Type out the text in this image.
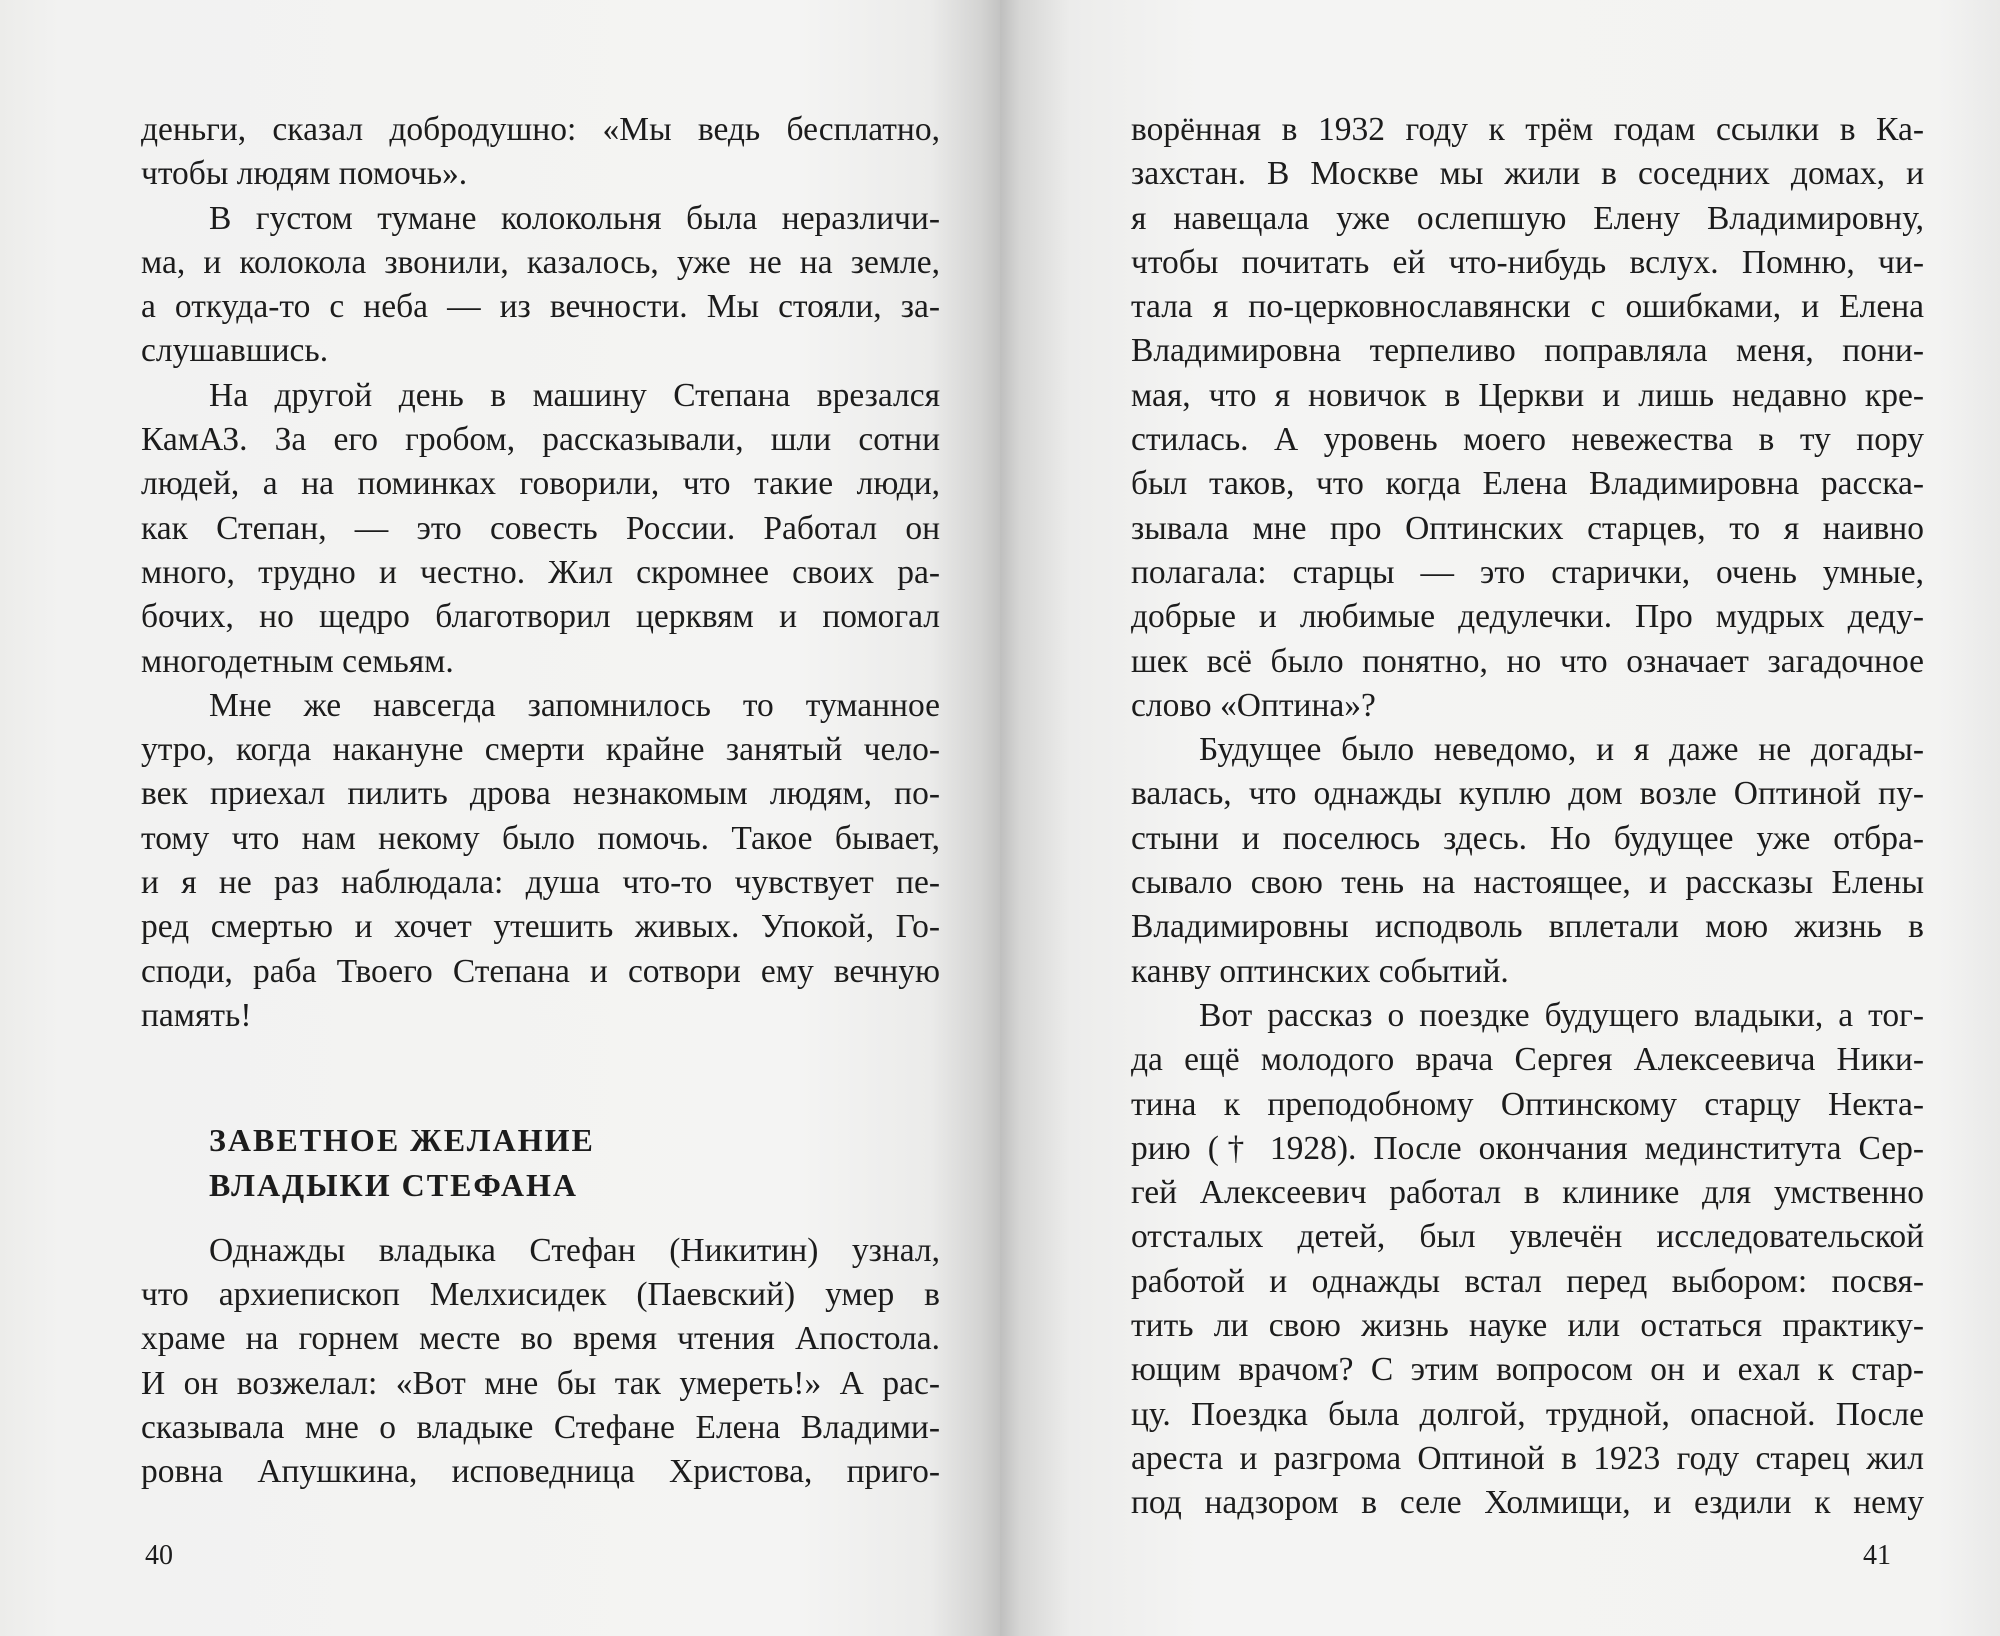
деньги, сказал добродушно: «Мы ведь бесплатно,
чтобы людям помочь».
В густом тумане колокольня была неразличи-
ма, и колокола звонили, казалось, уже не на земле,
а откуда-то с неба — из вечности. Мы стояли, за-
слушавшись.
На другой день в машину Степана врезался
КамАЗ. За его гробом, рассказывали, шли сотни
людей, а на поминках говорили, что такие люди,
как Степан, — это совесть России. Работал он
много, трудно и честно. Жил скромнее своих ра-
бочих, но щедро благотворил церквям и помогал
многодетным семьям.
Мне же навсегда запомнилось то туманное
утро, когда накануне смерти крайне занятый чело-
век приехал пилить дрова незнакомым людям, по-
тому что нам некому было помочь. Такое бывает,
и я не раз наблюдала: душа что-то чувствует пе-
ред смертью и хочет утешить живых. Упокой, Го-
споди, раба Твоего Степана и сотвори ему вечную
память!
ЗАВЕТНОЕ ЖЕЛАНИЕ
ВЛАДЫКИ СТЕФАНА
Однажды владыка Стефан (Никитин) узнал,
что архиепископ Мелхисидек (Паевский) умер в
храме на горнем месте во время чтения Апостола.
И он возжелал: «Вот мне бы так умереть!» А рас-
сказывала мне о владыке Стефане Елена Владими-
ровна Апушкина, исповедница Христова, приго-
40
ворённая в 1932 году к трём годам ссылки в Ка-
захстан. В Москве мы жили в соседних домах, и
я навещала уже ослепшую Елену Владимировну,
чтобы почитать ей что-нибудь вслух. Помню, чи-
тала я по-церковнославянски с ошибками, и Елена
Владимировна терпеливо поправляла меня, пони-
мая, что я новичок в Церкви и лишь недавно кре-
стилась. А уровень моего невежества в ту пору
был таков, что когда Елена Владимировна расска-
зывала мне про Оптинских старцев, то я наивно
полагала: старцы — это старички, очень умные,
добрые и любимые дедулечки. Про мудрых деду-
шек всё было понятно, но что означает загадочное
слово «Оптина»?
Будущее было неведомо, и я даже не догады-
валась, что однажды куплю дом возле Оптиной пу-
стыни и поселюсь здесь. Но будущее уже отбра-
сывало свою тень на настоящее, и рассказы Елены
Владимировны исподволь вплетали мою жизнь в
канву оптинских событий.
Вот рассказ о поездке будущего владыки, а тог-
да ещё молодого врача Сергея Алексеевича Ники-
тина к преподобному Оптинскому старцу Некта-
рию († 1928). После окончания мединститута Сер-
гей Алексеевич работал в клинике для умственно
отсталых детей, был увлечён исследовательской
работой и однажды встал перед выбором: посвя-
тить ли свою жизнь науке или остаться практику-
ющим врачом? С этим вопросом он и ехал к стар-
цу. Поездка была долгой, трудной, опасной. После
ареста и разгрома Оптиной в 1923 году старец жил
под надзором в селе Холмищи, и ездили к нему
41
